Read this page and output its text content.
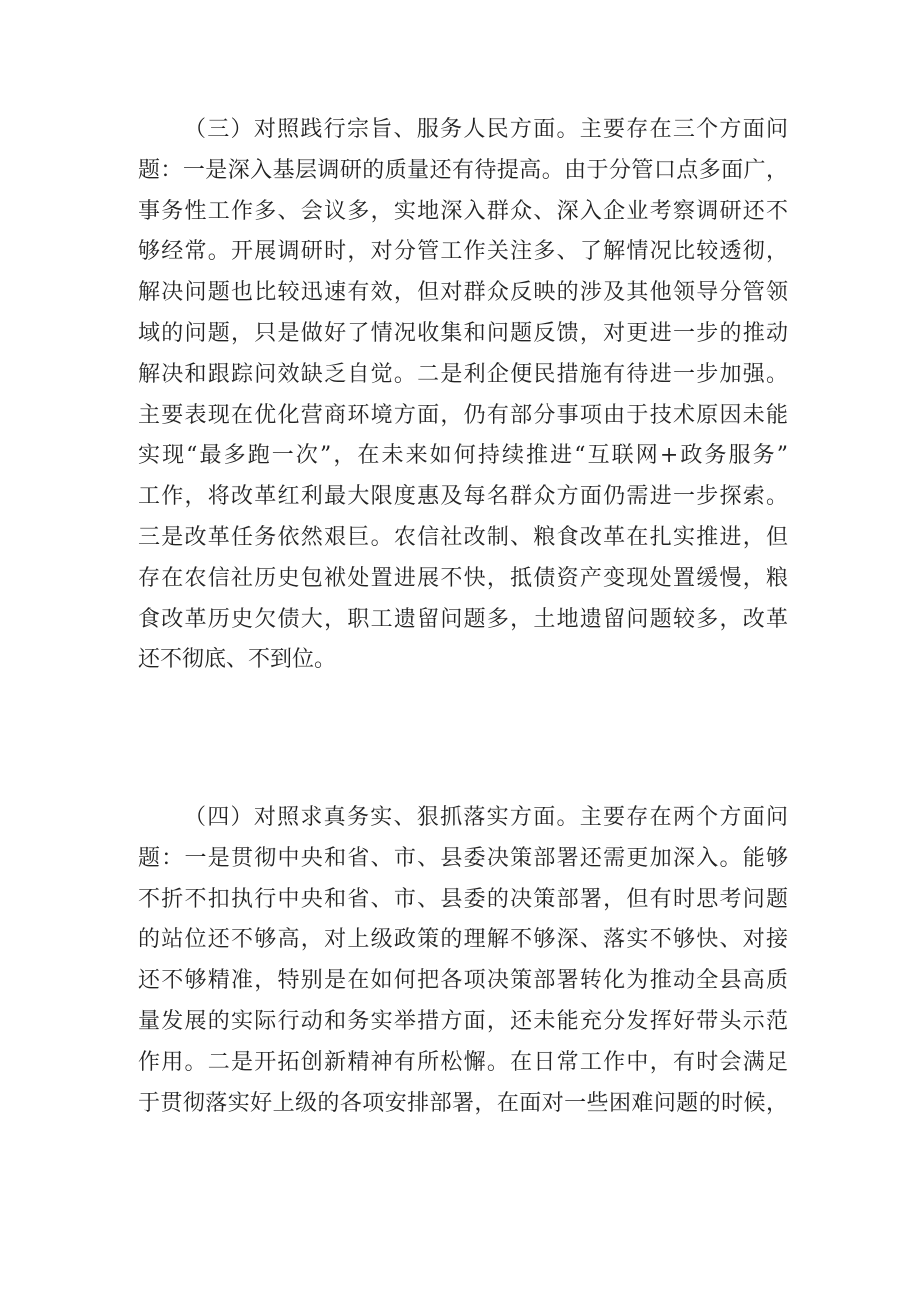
（三）对照践行宗旨、服务人民方面。主要存在三个方面问
题：一是深入基层调研的质量还有待提高。由于分管口点多面广，
事务性工作多、会议多，实地深入群众、深入企业考察调研还不
够经常。开展调研时，对分管工作关注多、了解情况比较透彻，
解决问题也比较迅速有效，但对群众反映的涉及其他领导分管领
域的问题，只是做好了情况收集和问题反馈，对更进一步的推动
解决和跟踪问效缺乏自觉。二是利企便民措施有待进一步加强。
主要表现在优化营商环境方面，仍有部分事项由于技术原因未能
实现“最多跑一次”，在未来如何持续推进“互联网+政务服务”
工作，将改革红利最大限度惠及每名群众方面仍需进一步探索。
三是改革任务依然艰巨。农信社改制、粮食改革在扎实推进，但
存在农信社历史包袱处置进展不快，抵债资产变现处置缓慢，粮
食改革历史欠债大，职工遗留问题多，土地遗留问题较多，改革
还不彻底、不到位。
（四）对照求真务实、狠抓落实方面。主要存在两个方面问
题：一是贯彻中央和省、市、县委决策部署还需更加深入。能够
不折不扣执行中央和省、市、县委的决策部署，但有时思考问题
的站位还不够高，对上级政策的理解不够深、落实不够快、对接
还不够精准，特别是在如何把各项决策部署转化为推动全县高质
量发展的实际行动和务实举措方面，还未能充分发挥好带头示范
作用。二是开拓创新精神有所松懈。在日常工作中，有时会满足
于贯彻落实好上级的各项安排部署，在面对一些困难问题的时候，
